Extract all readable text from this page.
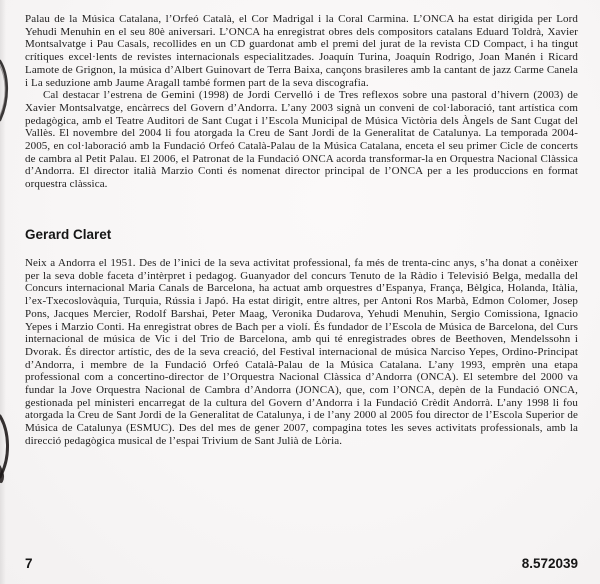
Palau de la Música Catalana, l’Orfeó Català, el Cor Madrigal i la Coral Carmina. L’ONCA ha estat dirigida per Lord Yehudi Menuhin en el seu 80è aniversari. L’ONCA ha enregistrat obres dels compositors catalans Eduard Toldrà, Xavier Montsalvatge i Pau Casals, recollides en un CD guardonat amb el premi del jurat de la revista CD Compact, i ha tingut crítiques excel·lents de revistes internacionals especialitzades. Joaquín Turina, Joaquín Rodrigo, Joan Manén i Ricard Lamote de Grignon, la música d’Albert Guinovart de Terra Baixa, cançons brasileres amb la cantant de jazz Carme Canela i La seduzione amb Jaume Aragall també formen part de la seva discografia.

Cal destacar l’estrena de Gemini (1998) de Jordi Cervelló i de Tres reflexos sobre una pastoral d’hivern (2003) de Xavier Montsalvatge, encàrrecs del Govern d’Andorra. L’any 2003 signà un conveni de col·laboració, tant artística com pedagògica, amb el Teatre Auditori de Sant Cugat i l’Escola Municipal de Música Victòria dels Àngels de Sant Cugat del Vallès. El novembre del 2004 li fou atorgada la Creu de Sant Jordi de la Generalitat de Catalunya. La temporada 2004-2005, en col·laboració amb la Fundació Orfeó Català-Palau de la Música Catalana, enceta el seu primer Cicle de concerts de cambra al Petit Palau. El 2006, el Patronat de la Fundació ONCA acorda transformar-la en Orquestra Nacional Clàssica d’Andorra. El director italià Marzio Conti és nomenat director principal de l’ONCA per a les produccions en format orquestra clàssica.

Gerard Claret

Neix a Andorra el 1951. Des de l’inici de la seva activitat professional, fa més de trenta-cinc anys, s’ha donat a conèixer per la seva doble faceta d’intèrpret i pedagog. Guanyador del concurs Tenuto de la Ràdio i Televisió Belga, medalla del Concurs internacional Maria Canals de Barcelona, ha actuat amb orquestres d’Espanya, França, Bèlgica, Holanda, Itàlia, l’ex-Txecoslovàquia, Turquia, Rússia i Japó. Ha estat dirigit, entre altres, per Antoni Ros Marbà, Edmon Colomer, Josep Pons, Jacques Mercier, Rodolf Barshai, Peter Maag, Veronika Dudarova, Yehudi Menuhin, Sergio Comissiona, Ignacio Yepes i Marzio Conti. Ha enregistrat obres de Bach per a violí. És fundador de l’Escola de Música de Barcelona, del Curs internacional de música de Vic i del Trio de Barcelona, amb qui té enregistrades obres de Beethoven, Mendelssohn i Dvorak. És director artístic, des de la seva creació, del Festival internacional de música Narciso Yepes, Ordino-Principat d’Andorra, i membre de la Fundació Orfeó Català-Palau de la Música Catalana. L’any 1993, emprèn una etapa professional com a concertino-director de l’Orquestra Nacional Clàssica d’Andorra (ONCA). El setembre del 2000 va fundar la Jove Orquestra Nacional de Cambra d’Andorra (JONCA), que, com l’ONCA, depèn de la Fundació ONCA, gestionada pel ministeri encarregat de la cultura del Govern d’Andorra i la Fundació Crèdit Andorrà. L’any 1998 li fou atorgada la Creu de Sant Jordi de la Generalitat de Catalunya, i de l’any 2000 al 2005 fou director de l’Escola Superior de Música de Catalunya (ESMUC). Des del mes de gener 2007, compagina totes les seves activitats professionals, amb la direcció pedagògica musical de l’espai Trivium de Sant Julià de Lòria.

7	8.572039
